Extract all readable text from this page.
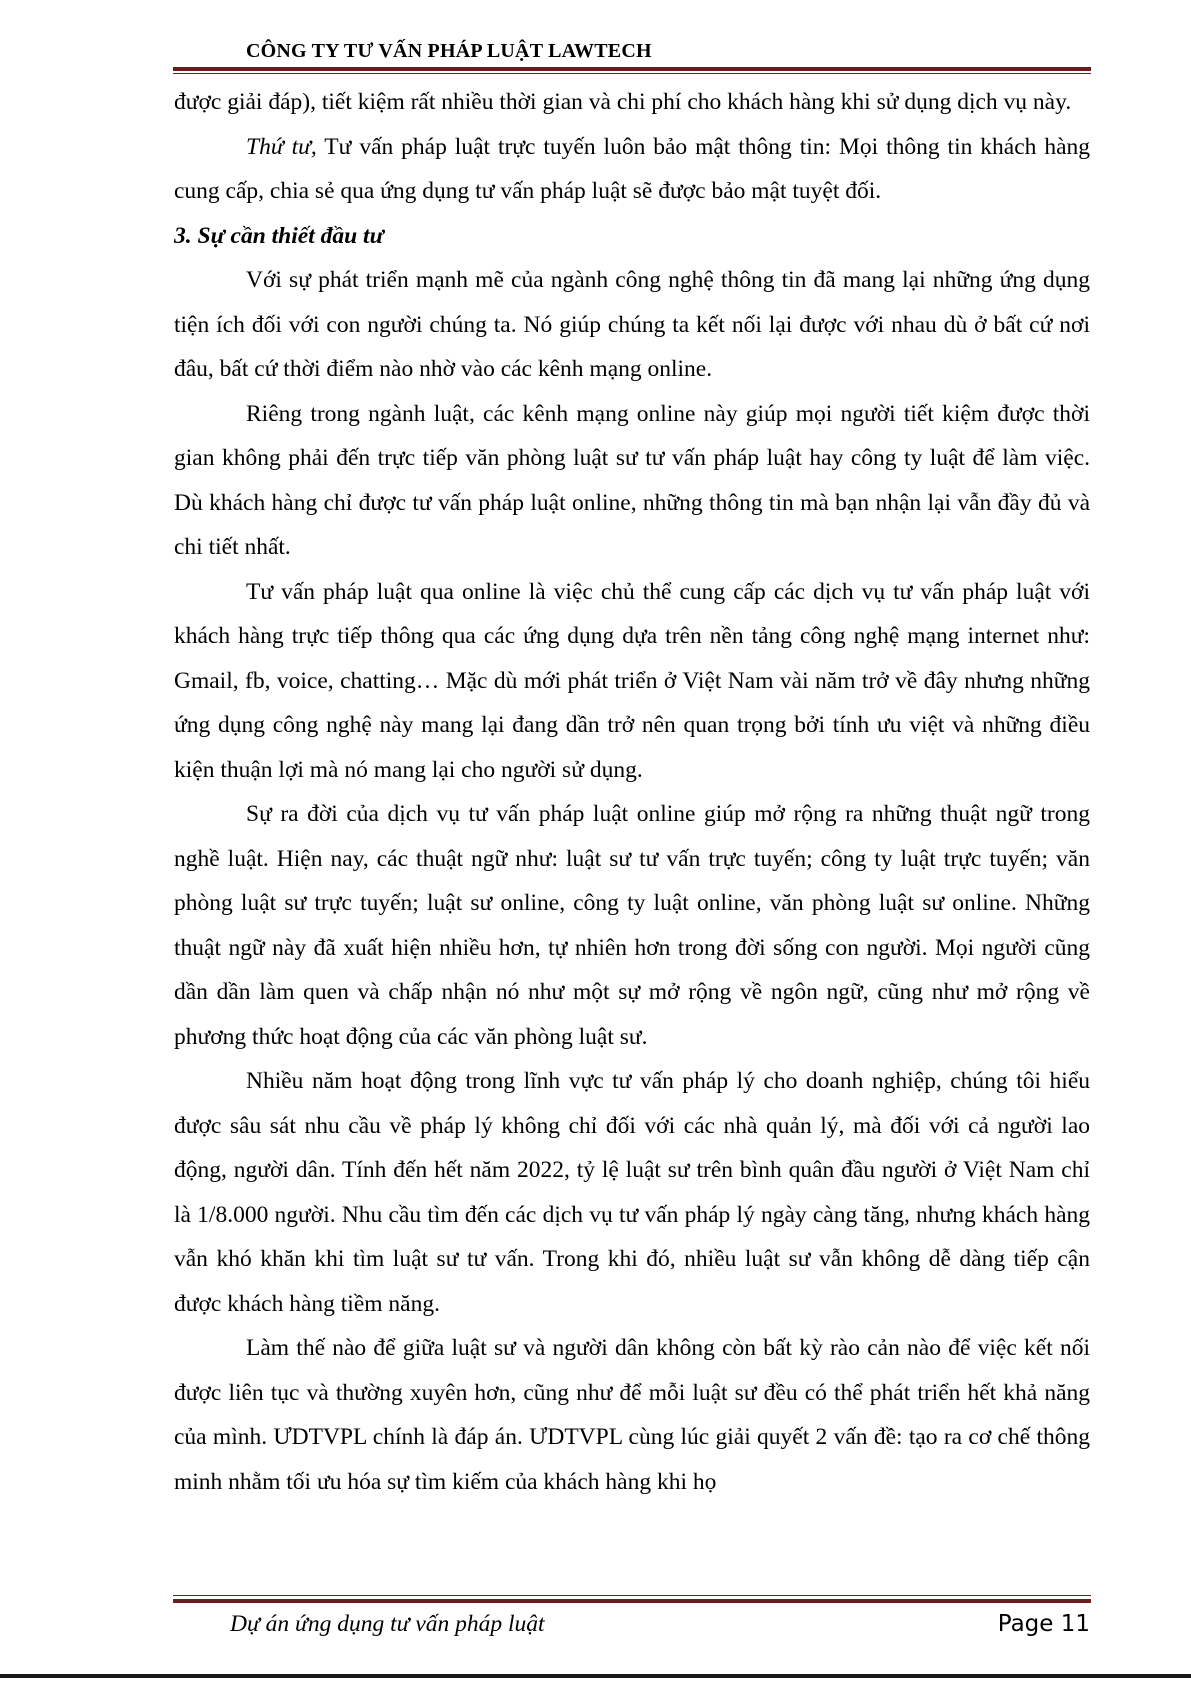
CÔNG TY TƯ VẤN PHÁP LUẬT LAWTECH

được giải đáp), tiết kiệm rất nhiều thời gian và chi phí cho khách hàng khi sử dụng dịch vụ này.

Thứ tư, Tư vấn pháp luật trực tuyến luôn bảo mật thông tin: Mọi thông tin khách hàng cung cấp, chia sẻ qua ứng dụng tư vấn pháp luật sẽ được bảo mật tuyệt đối.

3. Sự cần thiết đầu tư

Với sự phát triển mạnh mẽ của ngành công nghệ thông tin đã mang lại những ứng dụng tiện ích đối với con người chúng ta. Nó giúp chúng ta kết nối lại được với nhau dù ở bất cứ nơi đâu, bất cứ thời điểm nào nhờ vào các kênh mạng online.

Riêng trong ngành luật, các kênh mạng online này giúp mọi người tiết kiệm được thời gian không phải đến trực tiếp văn phòng luật sư tư vấn pháp luật hay công ty luật để làm việc. Dù khách hàng chỉ được tư vấn pháp luật online, những thông tin mà bạn nhận lại vẫn đầy đủ và chi tiết nhất.

Tư vấn pháp luật qua online là việc chủ thể cung cấp các dịch vụ tư vấn pháp luật với khách hàng trực tiếp thông qua các ứng dụng dựa trên nền tảng công nghệ mạng internet như: Gmail, fb, voice, chatting… Mặc dù mới phát triển ở Việt Nam vài năm trở về đây nhưng những ứng dụng công nghệ này mang lại đang dần trở nên quan trọng bởi tính ưu việt và những điều kiện thuận lợi mà nó mang lại cho người sử dụng.

Sự ra đời của dịch vụ tư vấn pháp luật online giúp mở rộng ra những thuật ngữ trong nghề luật. Hiện nay, các thuật ngữ như: luật sư tư vấn trực tuyến; công ty luật trực tuyến; văn phòng luật sư trực tuyến; luật sư online, công ty luật online, văn phòng luật sư online. Những thuật ngữ này đã xuất hiện nhiều hơn, tự nhiên hơn trong đời sống con người. Mọi người cũng dần dần làm quen và chấp nhận nó như một sự mở rộng về ngôn ngữ, cũng như mở rộng về phương thức hoạt động của các văn phòng luật sư.

Nhiều năm hoạt động trong lĩnh vực tư vấn pháp lý cho doanh nghiệp, chúng tôi hiểu được sâu sát nhu cầu về pháp lý không chỉ đối với các nhà quản lý, mà đối với cả người lao động, người dân. Tính đến hết năm 2022, tỷ lệ luật sư trên bình quân đầu người ở Việt Nam chỉ là 1/8.000 người. Nhu cầu tìm đến các dịch vụ tư vấn pháp lý ngày càng tăng, nhưng khách hàng vẫn khó khăn khi tìm luật sư tư vấn. Trong khi đó, nhiều luật sư vẫn không dễ dàng tiếp cận được khách hàng tiềm năng.

Làm thế nào để giữa luật sư và người dân không còn bất kỳ rào cản nào để việc kết nối được liên tục và thường xuyên hơn, cũng như để mỗi luật sư đều có thể phát triển hết khả năng của mình. ƯDTVPL chính là đáp án. ƯDTVPL cùng lúc giải quyết 2 vấn đề: tạo ra cơ chế thông minh nhằm tối ưu hóa sự tìm kiếm của khách hàng khi họ

Dự án ứng dụng tư vấn pháp luật	Page 11
